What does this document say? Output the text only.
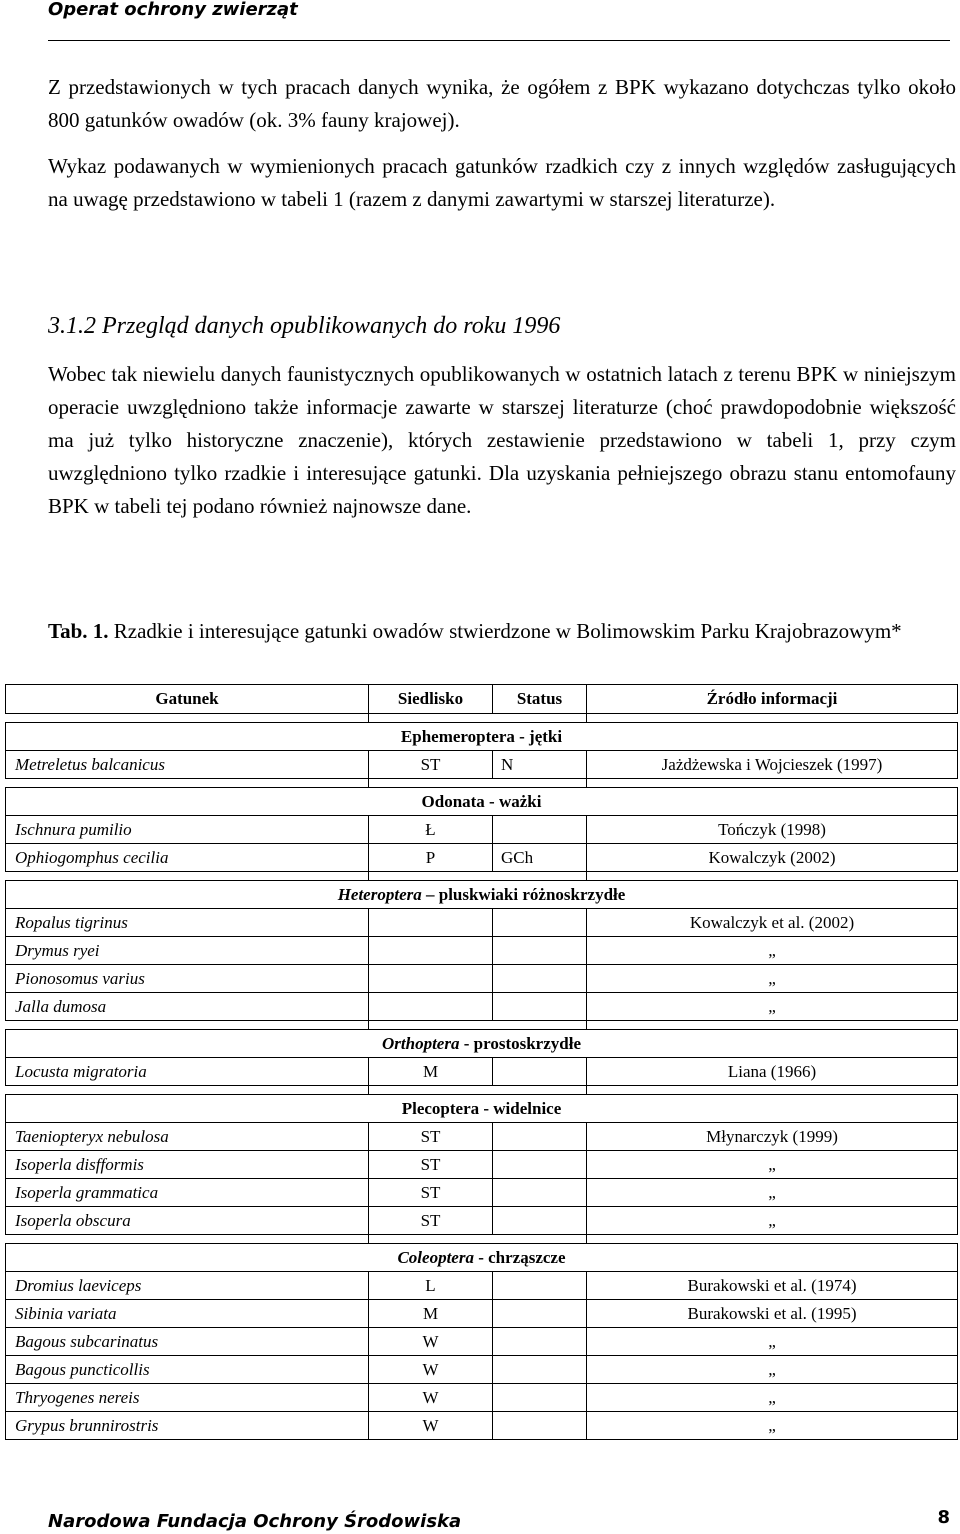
Operat ochrony zwierząt
Z przedstawionych w tych pracach danych wynika, że ogółem z BPK wykazano dotychczas tylko około 800 gatunków owadów (ok. 3% fauny krajowej).
Wykaz podawanych w wymienionych pracach gatunków rzadkich czy z innych względów zasługujących na uwagę przedstawiono w tabeli 1 (razem z danymi zawartymi w starszej literaturze).
3.1.2 Przegląd danych opublikowanych do roku 1996
Wobec tak niewielu danych faunistycznych opublikowanych w ostatnich latach z terenu BPK w niniejszym operacie uwzględniono także informacje zawarte w starszej literaturze (choć prawdopodobnie większość ma już tylko historyczne znaczenie), których zestawienie przedstawiono w tabeli 1, przy czym uwzględniono tylko rzadkie i interesujące gatunki. Dla uzyskania pełniejszego obrazu stanu entomofauny BPK w tabeli tej podano również najnowsze dane.
Tab. 1. Rzadkie i interesujące gatunki owadów stwierdzone w Bolimowskim Parku Krajobrazowym*
Gatunek	Siedlisko	Status	Źródło informacji

Ephemeroptera - jętki			
Metreletus balcanicus	ST	N	Jażdżewska i Wojcieszek (1997)

Odonata - ważki			
Ischnura pumilio	Ł		Tończyk (1998)
Ophiogomphus cecilia	P	GCh	Kowalczyk (2002)

Heteroptera – pluskwiaki różnoskrzydłe			
Ropalus tigrinus			Kowalczyk et al. (2002)
Drymus ryei			„
Pionosomus varius			„
Jalla dumosa			„

Orthoptera - prostoskrzydłe			
Locusta migratoria	M		Liana (1966)

Plecoptera - widelnice			
Taeniopteryx nebulosa	ST		Młynarczyk (1999)
Isoperla disfformis	ST		„
Isoperla grammatica	ST		„
Isoperla obscura	ST		„

Coleoptera - chrząszcze			
Dromius laeviceps	L		Burakowski et al. (1974)
Sibinia variata	M		Burakowski et al. (1995)
Bagous subcarinatus	W		„
Bagous puncticollis	W		„
Thryogenes nereis	W		„
Grypus brunnirostris	W		„
Narodowa Fundacja Ochrony Środowiska	8
